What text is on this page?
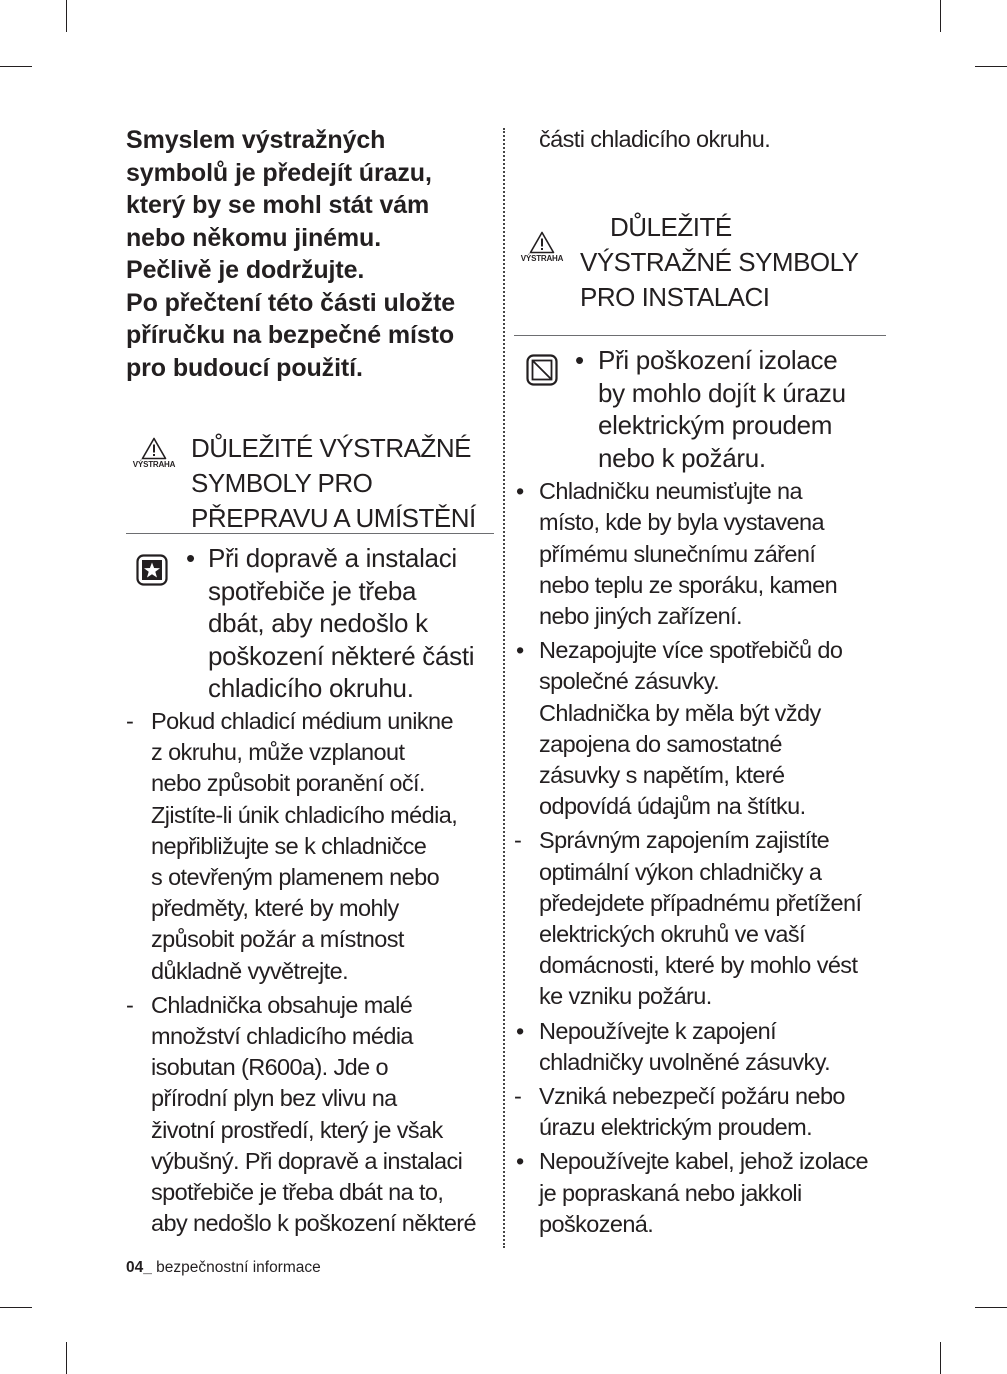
Smyslem výstražných

symbolů je předejít úrazu,

který by se mohl stát vám

nebo někomu jinému.

Pečlivě je dodržujte.

Po přečtení této části uložte

příručku na bezpečné místo

pro budoucí použití.

VÝSTRAHA
DŮLEŽITÉ VÝSTRAŽNÉ
SYMBOLY PRO
PŘEPRAVU A UMÍSTĚNÍ
• Při dopravě a instalaci
spotřebiče je třeba
dbát, aby nedošlo k
poškození některé části
chladicího okruhu.
- Pokud chladicí médium unikne
z okruhu, může vzplanout
nebo způsobit poranění očí.
Zjistíte-li únik chladicího média,
nepřibližujte se k chladničce
s otevřeným plamenem nebo
předměty, které by mohly
způsobit požár a místnost
důkladně vyvětrejte.
- Chladnička obsahuje malé
množství chladicího média
isobutan (R600a). Jde o
přírodní plyn bez vlivu na
životní prostředí, který je však
výbušný. Při dopravě a instalaci
spotřebiče je třeba dbát na to,
aby nedošlo k poškození některé
části chladicího okruhu.
VÝSTRAHA
DŮLEŽITÉ
VÝSTRAŽNÉ SYMBOLY
PRO INSTALACI
• Při poškození izolace
by mohlo dojít k úrazu
elektrickým proudem
nebo k požáru.
• Chladničku neumisťujte na
místo, kde by byla vystavena
přímému slunečnímu záření
nebo teplu ze sporáku, kamen
nebo jiných zařízení.
• Nezapojujte více spotřebičů do
společné zásuvky.
Chladnička by měla být vždy
zapojena do samostatné
zásuvky s napětím, které
odpovídá údajům na štítku.
- Správným zapojením zajistíte
optimální výkon chladničky a
předejdete případnému přetížení
elektrických okruhů ve vaší
domácnosti, které by mohlo vést
ke vzniku požáru.
• Nepoužívejte k zapojení
chladničky uvolněné zásuvky.
- Vzniká nebezpečí požáru nebo
úrazu elektrickým proudem.
• Nepoužívejte kabel, jehož izolace
je popraskaná nebo jakkoli
poškozená.
04_ bezpečnostní informace
